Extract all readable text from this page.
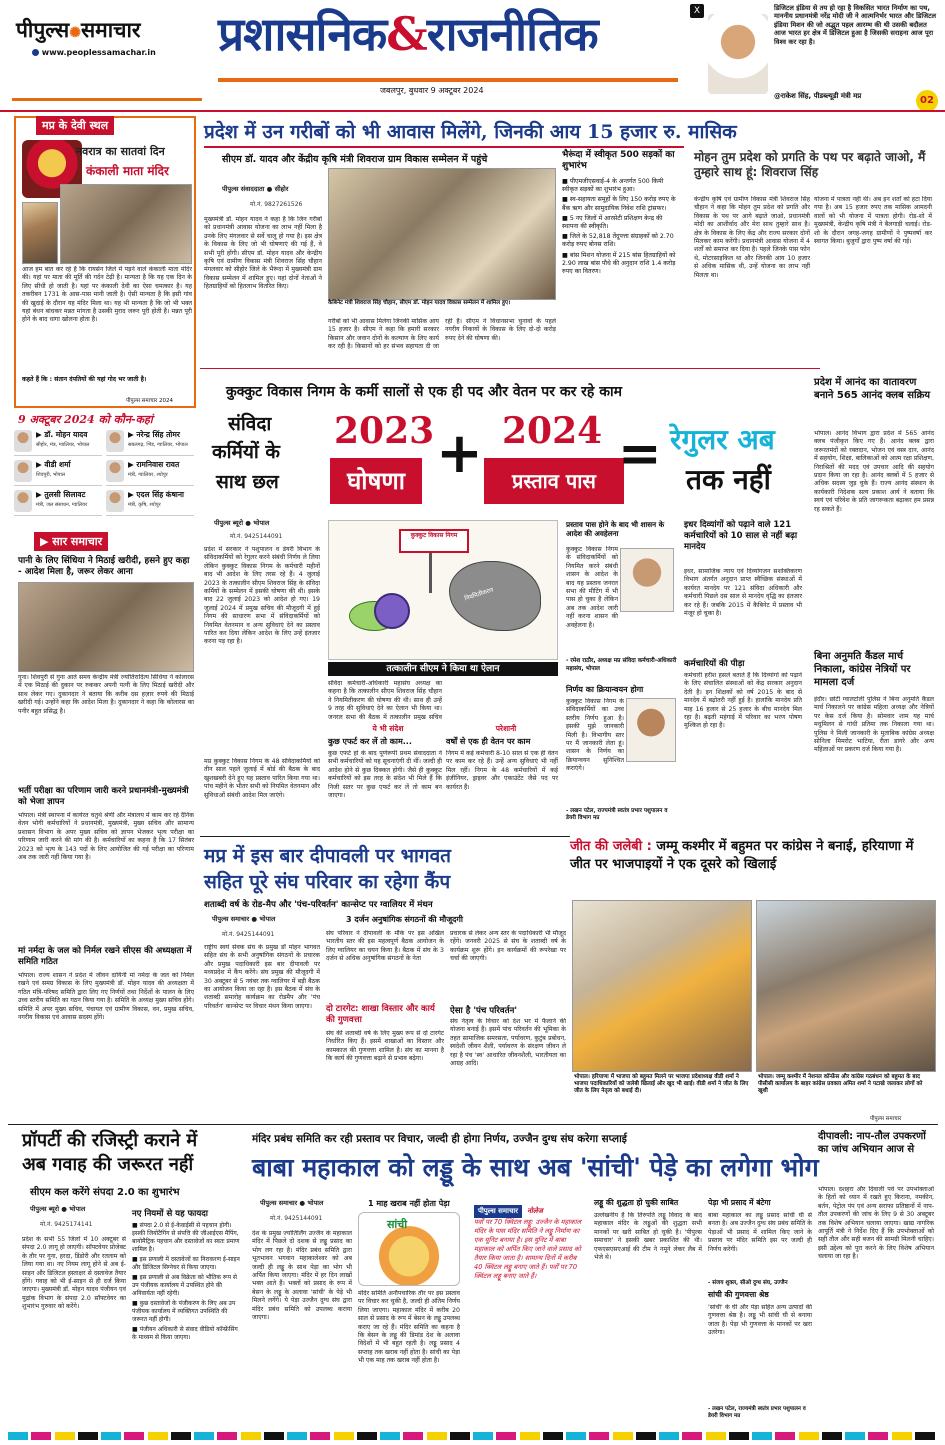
पीपुल्स✺समाचार
www.peoplessamachar.in प्रशासनिक&राजनीतिक
जबलपुर, बुधवार 9 अक्टूबर 2024
X	डिजिटल इंडिया से तय हो रहा है विकसित भारत निर्माण का पथ, माननीय प्रधानमंत्री नरेंद्र मोदी जी ने आत्मनिर्भर भारत और डिजिटल इंडिया मिशन की जो अद्भुत पहल आरम्भ की थी उसकी बदौलत आज भारत हर क्षेत्र में डिजिटल हुआ है जिसकी सराहना आज पूरा विश्व कर रहा है।
@राकेश सिंह, पीडब्ल्यूडी मंत्री मप्र	02
मप्र के देवी स्थल
नवरात्र का सातवां दिन
कंकाली माता मंदिर
आज हम बात कर रहे है कि रायसेन जिले में पड़ने वाले कंकाली माता मंदिर की। यहां पर माता की मूर्ति की गर्दन टेढ़ी है। मान्यता है कि यह एक दिन के लिए सीधी हो जाती है। यहां पर कंकाली देवी का ऐसा चमत्कार है। यह तकरीबन 1731 के आस-पास मानी जाती है। ऐसी मान्यता है कि इसी गांव की खुदाई के दौरान यह मंदिर मिला था। यह भी मान्यता है कि जो भी भक्त यहां बंधन बांधकर मन्नत मांगता है उसकी मुराद जरूर पूरी होती है। मन्नत पूरी होने के बाद धागा खोलना होता है।
कहते हैं कि : संतान दंपतियों की यहां गोद भर जाती है।
पीपुल्स समाचार 2024
9 अक्टूबर 2024 को कौन-कहां
▶ डॉ. मोहन यादव
सीहोर, मंत्र, ग्वालियर, भोपाल
▶ नरेन्द्र सिंह तोमर
सबलगढ़, भिंड, ग्वालियर, भोपाल
▶ वीडी शर्मा
शिवपुरी, भोपाल
▶ रामनिवास रावत
मंत्री, ग्वालियर, श्योपुर
▶ तुलसी सिलावट
मंत्री, जल संसाधन, ग्वालियर
▶ एदल सिंह कंषाना
मंत्री, कृषि, श्योपुर
▶ सार समाचार
पानी के लिए सिंधिया ने मिठाई खरीदी, हसने हुए कहा - आदेश मिला है, जरूर लेकर आना
गुना। शिवपुरी से गुना आते समय केन्द्रीय मंत्री ज्योतिरादित्य सिंधिया ने कोलारस में एक मिठाई की दुकान पर रुककर अपनी पत्नी के लिए मिठाई खरीदी और साथ लेकर गए। दुकानदार ने बताया कि करीब दस हज़ार रुपये की मिठाई खरीदी गई। उन्होंने कहा कि आदेश मिला है। दुकानदार ने कहा कि कोलारस का पनीर बहुत प्रसिद्ध है।
भर्ती परीक्षा का परिणाम जारी करने प्रधानमंत्री-मुख्यमंत्री को भेजा ज्ञापन
भोपाल। मंत्री स्थापना में कार्यरत चतुर्थ श्रेणी और मंत्रालय में काम कर रहे दैनिक वेतन भोगी कर्मचारियों ने प्रधानमंत्री, मुख्यमंत्री, मुख्य सचिव और सामान्य प्रशासन विभाग के अपर मुख्य सचिव को ज्ञापन भेजकर भृत्य परीक्षा का परिणाम जारी करने की मांग की है। कर्मचारियों का कहना है कि 17 सितंबर 2023 को भृत्य के 143 पदों के लिए आयोजित की गई परीक्षा का परिणाम अब तक जारी नहीं किया गया है।
मां नर्मदा के जल को निर्मल रखने सीएस की अध्यक्षता में समिति गठित
भोपाल। राज्य शासन ने प्रदेश में जीवन दायिनी मां नर्मदा के जल को निर्मल रखने एवं समग्र विकास के लिए मुख्यमंत्री डॉ. मोहन यादव की अध्यक्षता में गठित मंत्रि-परिषद समिति द्वारा लिए गए निर्णयों तथा निर्देशों के पालन के लिए उच्च स्तरीय समिति का गठन किया गया है। समिति के अध्यक्ष मुख्य सचिव होंगे। समिति में अपर मुख्य सचिव, पंचायत एवं ग्रामीण विकास, वन, प्रमुख सचिव, नगरीय विकास एवं आवास सदस्य होंगे।
प्रदेश में उन गरीबों को भी आवास मिलेंगे, जिनकी आय 15 हजार रु. मासिक
सीएम डॉ. यादव और केंद्रीय कृषि मंत्री शिवराज ग्राम विकास सम्मेलन में पहुंचे
पीपुल्स संवाददाता ● सीहोर
मो.नं. 9827261526
मुख्यमंत्री डॉ. मोहन यादव ने कहा है कि जिन गरीबों को प्रधानमंत्री आवास योजना का लाभ नहीं मिला है उनके लिए मंगलवार से सर्वे चालू हो गया है। इस क्षेत्र के विकास के लिए जो भी घोषणाएं की गई हैं, वे सभी पूरी होंगी। सीएम डॉ. मोहन यादव और केन्द्रीय कृषि एवं ग्रामीण विकास मंत्री शिवराज सिंह चौहान मंगलवार को सीहोर जिले के भैरूंदा में मुख्यमंत्री ग्राम विकास सम्मेलन में शामिल हुए। यहां दोनों नेताओं ने हितग्राहियों को हितलाभ वितरित किए।
कैबिनेट मंत्री शिवराज सिंह चौहान, सीएम डॉ. मोहन यादव विकास सम्मेलन में शामिल हुए।
गरीबों को भी आवास मिलेगा जिनकी मासिक आय 15 हजार है। सीएम ने कहा कि हमारी सरकार किसान और जवान दोनों के कल्याण के लिए कार्य कर रही है। किसानों को हर संभव सहायता दी जा रही है। सीएम ने विधानसभा चुनावों के पहले नगरीय निकायों के विकास के लिए दो-दो करोड़ रुपए देने की घोषणा की।
भैरूंदा में स्वीकृत 500 सड़कों का शुभारंभ
■ पीएमजीएसवाई-4 के अन्तर्गत 500 किमी स्वीकृत सड़कों का शुभारंभ हुआ।
■ स्व-सहायता समूहों के लिए 150 करोड़ रुपए के बैंक ऋण और सामुदायिक निवेश राशि ट्रांसफर।
■ 5 नए जिलों में आरसेटी प्रशिक्षण केन्द्र की स्थापना की स्वीकृति।
■ जिले के 52,818 तेंदूपत्ता संग्राहकों को 2.70 करोड़ रुपए बोनस राशि।
■ बांस मिशन योजना में 215 बांस हितग्राहियों को 2.90 लाख बांस पौधे की अनुदान राशि 1.4 करोड़ रुपए का वितरण।
मोहन तुम प्रदेश को प्रगति के पथ पर बढ़ाते जाओ, मैं तुम्हारे साथ हूं: शिवराज सिंह
केन्द्रीय कृषि एवं ग्रामीण विकास मंत्री शिवराज सिंह चौहान ने कहा कि मोहन तुम प्रदेश को प्रगति और विकास के पथ पर आगे बढ़ाते जाओ, प्रधानमंत्री मोदी का आशीर्वाद और मेरा साथ तुम्हारे साथ है। क्षेत्र के विकास के लिए केंद्र और राज्य सरकार दोनों मिलकर काम करेंगी। प्रधानमंत्री आवास योजना में 4 शर्तों को समाप्त कर दिया है। पहले जिनके पास फोन थे, मोटरसाइकिल था और जिनकी आय 10 हजार से अधिक मासिक थी, उन्हें योजना का लाभ नहीं मिलता था।
योजना में पात्रता नहीं थी। अब इन शर्तों को हटा दिया गया है। अब 15 हजार रुपए तक मासिक आमदनी वालों को भी योजना में पात्रता होगी। रोड-शो में मुख्यमंत्री, केन्द्रीय कृषि मंत्री ने बैलगाड़ी चलाई। रोड-शो के दौरान जगह-जगह ग्रामीणों ने पुष्पवर्षा कर स्वागत किया। बुजुर्गों द्वारा पुष्प वर्षा की गई।
कुक्कुट विकास निगम के कर्मी सालों से एक ही पद और वेतन पर कर रहे काम
संविदा
कर्मियों के
साथ छल
2023
घोषणा + 2024
प्रस्ताव पास = रेगुलर अब
तक नहीं
पीपुल्स ब्यूरो ● भोपाल
मो.नं. 9425144091
प्रदेश में सरकार ने पशुपालन व डेयरी विभाग के संविदाकर्मियों को रेगुलर करने संबंधी निर्णय ले लिया लेकिन कुक्कुट विकास निगम के कर्मचारी महीनों बाद भी आदेश के लिए तरस रहे हैं। 4 जुलाई 2023 के तत्कालीन सीएम शिवराज सिंह के संविदा कर्मियों के सम्मेलन में इसकी घोषणा की थी। इसके बाद 22 जुलाई 2023 को आदेश हो गए। 19 जुलाई 2024 में प्रमुख सचिव की मौजूदगी में हुई निगम की साधारण सभा में संविदाकर्मियों को नियमित वेतनमान व अन्य सुविधाएं देने का प्रस्ताव पारित कर दिया लेकिन आदेश के लिए उन्हें इंतजार करना पड़ रहा है।
मप्र कुक्कुट विकास निगम के 48 संविदाकर्मियों को तीन साल पहले जुलाई में बोर्ड की बैठक के बाद खुशखबरी देने हुए यह प्रस्ताव पारित किया गया था। पांच महीने के भीतर सभी को नियमित वेतनमान और सुविधाओं संबंधी आदेश मिल जाएंगे।
कुक्कुट विकास निगम
नियमितीकरण
तत्कालीन सीएम ने किया था ऐलान
संविदा कर्मचारी-अधिकारी महासंघ अध्यक्ष का कहना है कि तत्कालीन सीएम शिवराज सिंह चौहान ने नियमितीकरण की घोषणा की थी। साथ ही उन्हें 9 तरह की सुविधाएं देने का ऐलान भी किया था। जनरल सभा की बैठक में तत्कालीन प्रमुख सचिव
ये भी संदेश
कुछ एफर्ट कर लें तो काम...
कुछ एफर्ट हो के बाद पूर्णरूपी प्रथम संवाददाता ने सभी कर्मचारियों को यह सूचनाएंगी दी थीं। जल्दी ही आदेश होने से कुछ दिक्कत होगी। जैसे ही कुक्कुट कर्मचारियों को इस तरह के संदेश भी मिले हैं कि निजी सतर पर कुछ एफर्ट कर लें तो काम बन जाएगा।
परेशानी
वर्षों से एक ही वेतन पर काम
निगम में कई कर्मचारी 8-10 साल से एक ही वेतन पर काम कर रहे हैं। उन्हें अन्य सुविधाएं भी नहीं मिल रहीं। निगम के 48 कर्मचारियों में कई इंजीनियर, ड्राइवर और एकाउंटेंट जैसे पद पर कार्यरत हैं।
प्रस्ताव पास होने के बाद भी शासन के आदेश की अवहेलना
कुक्कुट विकास निगम के संविदाकर्मियों को नियमित करने संबंधी शासन के आदेश के बाद यह प्रस्ताव जनरल सभा की मीटिंग में भी पास हो चुका है लेकिन अब तक आदेश जारी नहीं करना शासन की अवहेलना है।
- रमेश राठौर, अध्यक्ष मप्र संविदा कर्मचारी-अधिकारी महासंघ, भोपाल
निर्णय का क्रियान्वयन होगा
कुक्कुट विकास निगम के संविदाकर्मियों का उच्च स्तरीय निर्णय हुआ है। इसकी मुझे जानकारी मिली है। विभागीय स्तर पर मैं जानकारी लेता हूं। शासन के निर्णय का क्रियान्वयन सुनिश्चित कराएंगे।
- लखन पटेल, राज्यमंत्री स्वतंत्र प्रभार पशुपालन व डेयरी विभाग मप्र
इधर दिव्यांगों को पढ़ाने वाले 121 कर्मचारियों को 10 साल से नहीं बढ़ा मानदेय
इधर, सामाजिक न्याय एवं दिव्यांगजन सशक्तिकरण विभाग अंतर्गत अनुदान प्राप्त स्वैच्छिक संस्थाओं में कार्यरत मानदेय पर 121 संविदा अधिकारी और कर्मचारी पिछले दस साल से मानदेय वृद्धि का इंतजार कर रहे हैं। जबकि 2015 में कैबिनेट में प्रस्ताव भी मंजूर हो चुका है।
कर्मचारियों की पीड़ा
कर्मचारी हरीश हसले बताते हैं कि दिव्यांगों को पढ़ाने के लिए संचालित संस्थाओं को केंद्र सरकार अनुदान देती है। इन शिक्षकों को वर्ष 2015 के बाद से मानदेय में बढ़ोतरी नहीं हुई है। हालांकि मानदेय प्रति माह 16 हजार से 25 हजार के बीच मानदेय मिल रहा है। बढ़ती महंगाई में परिवार का भरण पोषण मुश्किल हो रहा है।
प्रदेश में आनंद का वातावरण बनाने 565 आनंद क्लब सक्रिय
भोपाल। आनंद विभाग द्वारा प्रदेश में 565 आनंद क्लब पंजीकृत किए गए हैं। आनंद क्लब द्वारा जरूरतमंदों को रक्तदान, भोजन एवं वस्त्र दान, आनंद में सहयोग, शिक्षा, बालिकाओं को आत्म रक्षा प्रशिक्षण, निराश्रितों की मदद एवं उपचार आदि की सहयोग प्रदान किया जा रहा है। आनंद क्लबों में 5 हजार से अधिक सदस्य जुड़ चुके हैं। राज्य आनंद संस्थान के कार्यकारी निदेशक सत्य प्रकाश आर्य ने बताया कि स्वयं एवं परिवेश के प्रति जागरूकता बढ़ाकर हम प्रसन्न रह सकते हैं।
बिना अनुमति कैंडल मार्च निकाला, कांग्रेस नेत्रियों पर मामला दर्ज
इंदौर। छोटी ग्वालटोली पुलिस ने बिना अनुमति कैंडल मार्च निकालने पर कांग्रेस महिला अध्यक्ष और नेत्रियों पर केस दर्ज किया है। सोमवार शाम यह मार्च मधुमिलन से गांधी प्रतिमा तक निकाला गया था। पुलिस ने मिली जानकारी के मुताबिक कांग्रेस अध्यक्ष सोनिला मिमरोट भाटिया, रीता डागरे और अन्य महिलाओं पर प्रकरण दर्ज किया गया है।
मप्र में इस बार दीपावली पर भागवत
सहित पूरे संघ परिवार का रहेगा कैंप
शताब्दी वर्ष के रोड-मैप और 'पंच-परिवर्तन' कान्सेप्ट पर ग्वालियर में मंथन
3 दर्जन अनुषांगिक संगठनों की मौजूदगी
पीपुल्स समाचार ● भोपाल
मो.नं. 9425144091
राष्ट्रीय स्वयं सेवक संघ के प्रमुख डॉ मोहन भागवत सहित संघ के सभी अनुषांगिक संगठनों के प्रचारक और प्रमुख पदाधिकारी इस बार दीपावली पर मध्यप्रदेश में कैंप करेंगे। संघ प्रमुख की मौजूदगी में 30 अक्टूबर से 5 नवंबर तक ग्वालियर में बड़ी बैठक का आयोजन किया जा रहा है। इस बैठक में संघ के शताब्दी समारोह कार्यक्रम का रोडमैप और 'पंच परिवर्तन' कान्सेप्ट पर विचार मंथन किया जाएगा।
संघ परिवार ने दीपावली के मौके पर इस अखिल भारतीय स्तर की इस महत्वपूर्ण बैठक आयोजन के लिए ग्वालियर का चयन किया है। बैठक में संघ के 3 दर्जन से अधिक अनुषांगिक संगठनों के नेता
प्रचारक से लेकर अन्य स्तर के पदाधिकारी भी मौजूद रहेंगे। जनवरी 2025 से संघ के शताब्दी वर्ष के कार्यक्रम शुरू होंगे। इन कार्यक्रमों की रूपरेखा पर चर्चा की जाएगी।
दो टारगेट: शाखा विस्तार और कार्य की गुणवत्ता
संघ की शताब्दी वर्ष के लिए मुख्य रूप से दो टारगेट निर्धारित किए हैं। इसमें शाखाओं का विस्तार और कामकाज की गुणवत्ता शामिल है। संघ का मानना है कि कार्य की गुणवत्ता बढ़ाने से प्रभाव बढ़ेगा।
ऐसा है 'पंच परिवर्तन'
संघ नेतृत्व के विचार को देश भर में फैलाने की योजना बनाई है। इसमें पांच परिवर्तन की भूमिका के तहत सामाजिक समरसता, पर्यावरण, कुटुंब प्रबोधन, स्वदेशी जीवन शैली, पर्यावरण के संरक्षण जीवन ले रहा है पंच 'स्व' आधारित जीवनशैली, भारतीयता का आग्रह आदि।
जीत की जलेबी : जम्मू कश्मीर में बहुमत पर कांग्रेस ने बनाई, हरियाणा में जीत पर भाजपाइयों ने एक दूसरे को खिलाई
भोपाल। हरियाणा में भाजपा को बहुमत मिलने पर भाजपा प्रदेशाध्यक्ष वीडी शर्मा ने भाजपा पदाधिकारियों को जलेबी खिलाई और खुद भी खाई। वीडी शर्मा ने जीत के लिए जीत के लिए नेतृत्व को बधाई दी।
भोपाल। जम्मू कश्मीर में नेशनल कॉन्फ्रेंस और कांग्रेस गठबंधन को बहुमत के बाद पीसीसी कार्यालय के बाहर कांग्रेस प्रवक्ता अमित शर्मा ने पटाखे जलाकर लोगों को खुशी
पीपुल्स समाचार
प्रॉपर्टी की रजिस्ट्री कराने में
अब गवाह की जरूरत नहीं
सीएम कल करेंगे संपदा 2.0 का शुभारंभ
पीपुल्स ब्यूरो ● भोपाल
मो.नं. 9425174141
प्रदेश के सभी 55 जिलों में 10 अक्टूबर से संपदा 2.0 लागू हो जाएगी। सॉफ्टवेयर प्रोजेक्ट के तौर पर गुना, हरदा, डिंडोरी और रतलाम को लिया गया था। नए नियम लागू होने से अब ई-साइन और डिजिटल हस्ताक्षर से दस्तावेज तैयार होंगे। गवाह को भी ई-साइन से ही दर्ज किया जाएगा। मुख्यमंत्री डॉ. मोहन यादव पंजीयन एवं मुद्रांक विभाग के संपदा 2.0 सॉफ्टवेयर का शुभारंभ गुरुवार को करेंगे।
नए नियमों से यह फायदा
■ संपदा 2.0 से ई-केवाईसी से पहचान होगी। इसकी जियोटैगिंग से संपत्ति की जीआईएस मैपिंग, बायोमैट्रिक पहचान और दस्तावेजों का स्वतः प्रमाण शामिल है।
■ इस प्रणाली में दस्तावेजों का निराकरण ई-साइन और डिजिटल सिग्नेचर से किया जाएगा।
■ इस प्रणाली से अब विक्रेता को भौतिक रूप से उप पंजीयक कार्यालय में उपस्थित होने की अनिवार्यता नहीं रहेगी।
■ कुछ दस्तावेजों के पंजीकरण के लिए अब उप पंजीयक कार्यालय में व्यक्तिगत उपस्थिति की जरूरत नहीं होगी।
■ पंजीयन अधिकारी से संवाद वीडियो कॉन्फ्रेंसिंग के माध्यम से किया जाएगा।
मंदिर प्रबंध समिति कर रही प्रस्ताव पर विचार, जल्दी ही होगा निर्णय, उज्जैन दुग्ध संघ करेगा सप्लाई
बाबा महाकाल को लड्डू के साथ अब 'सांची' पेड़े का लगेगा भोग
पीपुल्स समाचार ● भोपाल
मो.नं. 9425144091
1 माह खराब नहीं होता पेड़ा
देश के प्रमुख ज्योतिर्लिंग उज्जैन के महाकाल मंदिर में पिछले दो दशक से लड्डू प्रसाद का भोग लग रहा है। मंदिर प्रबंध समिति द्वारा भूतभावन भगवान महाकालेश्वर को अब जल्दी ही लड्डू के साथ पेड़ा का भोग भी अर्पित किया जाएगा। मंदिर में हर दिन लाखों भक्त आते हैं। भक्तों को प्रसाद के रूप में बेसन के लड्डू के अलावा 'सांची' के पेड़े भी मिलने लगेंगे। ये पेड़ा उज्जैन दुग्ध संघ द्वारा मंदिर प्रबंध समिति को उपलब्ध कराया जाएगा।
सांची
मंदिर समिति अनौपचारिक तौर पर इस प्रस्ताव पर विचार कर चुकी है, जल्दी ही अंतिम निर्णय लिया जाएगा। महाकाल मंदिर में करीब 20 साल से प्रसाद के रूप में बेसन के लड्डू उपलब्ध कराए जा रहे हैं। मंदिर समिति का कहना है कि बेसन के लड्डू की डिमांड देश के अलावा विदेशों में भी बहुत रहती है। लड्डू प्रसाद 4 सप्ताह तक खराब नहीं होता है। सांची का पेड़ा भी एक माह तक खराब नहीं होता है।
पीपुल्स समाचार नोलेज
पर्वों पर 70 क्विंटल लड्डू: उज्जैन के महाकाल मंदिर के पास मंदिर समिति ने लड्डू निर्माण का एक यूनिट बनाया है। इस यूनिट में बाबा महाकाल को अर्पित किए जाने वाले प्रसाद को तैयार किया जाता है। सामान्य दिनों में करीब 40 क्विंटल लड्डू बनाए जाते हैं। पर्वों पर 70 क्विंटल लड्डू बनाए जाते हैं।
लड्डू की शुद्धता हो चुकी साबित
उल्लेखनीय है कि तिरुपति लड्डू विवाद के बाद महाकाल मंदिर के लड्डुओं की शुद्धता सभी मानकों पर खरी साबित हो चुकी है। 'पीपुल्स समाचार' ने इसकी खबर प्रकाशित की थी। एफएसएसएआई की टीम ने नमूने लेकर लैब में भेजे थे।
पेड़ा भी प्रसाद में बंटेगा
बाबा महाकाल का लड्डू प्रसाद सांची घी से बनता है। अब उज्जैन दुग्ध संघ प्रबंध समिति के पेड़ाओं भी प्रसाद में शामिल किए जाने के प्रस्ताव पर मंदिर समिति इस पर जल्दी ही निर्णय करेगी।
- संजय शुक्ल, सीओ दुग्ध संघ, उज्जैन
सांची की गुणवत्ता श्रेष्ठ
'सांची' के घी और पेड़ा सहित अन्य उत्पादों की गुणवत्ता श्रेष्ठ है। लड्डू भी सांची घी से बनाया जाता है। पेड़ा भी गुणवत्ता के मानकों पर खरा उतरेगा।
- लखन पटेल, राज्यमंत्री स्वतंत्र प्रभार पशुपालन व डेयरी विभाग मप्र
दीपावली: नाप-तौल उपकरणों का जांच अभियान आज से
भोपाल। दशहरा और दिवाली पर्व पर उपभोक्ताओं के हितों को ध्यान में रखते हुए किराना, नमकीन, बर्तन, पेट्रोल पंप एवं अन्य सराफा प्रतिष्ठानों में नाप-तौल उपकरणों की जांच के लिए 9 से 30 अक्टूबर तक विशेष अभियान चलाया जाएगा। खाद्य नागरिक आपूर्ति मंत्री ने निर्देश दिए हैं कि उपभोक्ताओं को सही तौल और सही बजन की सामग्री मिलनी चाहिए। इसी उद्देश्य को पूरा करने के लिए विशेष अभियान चलाया जा रहा है।
